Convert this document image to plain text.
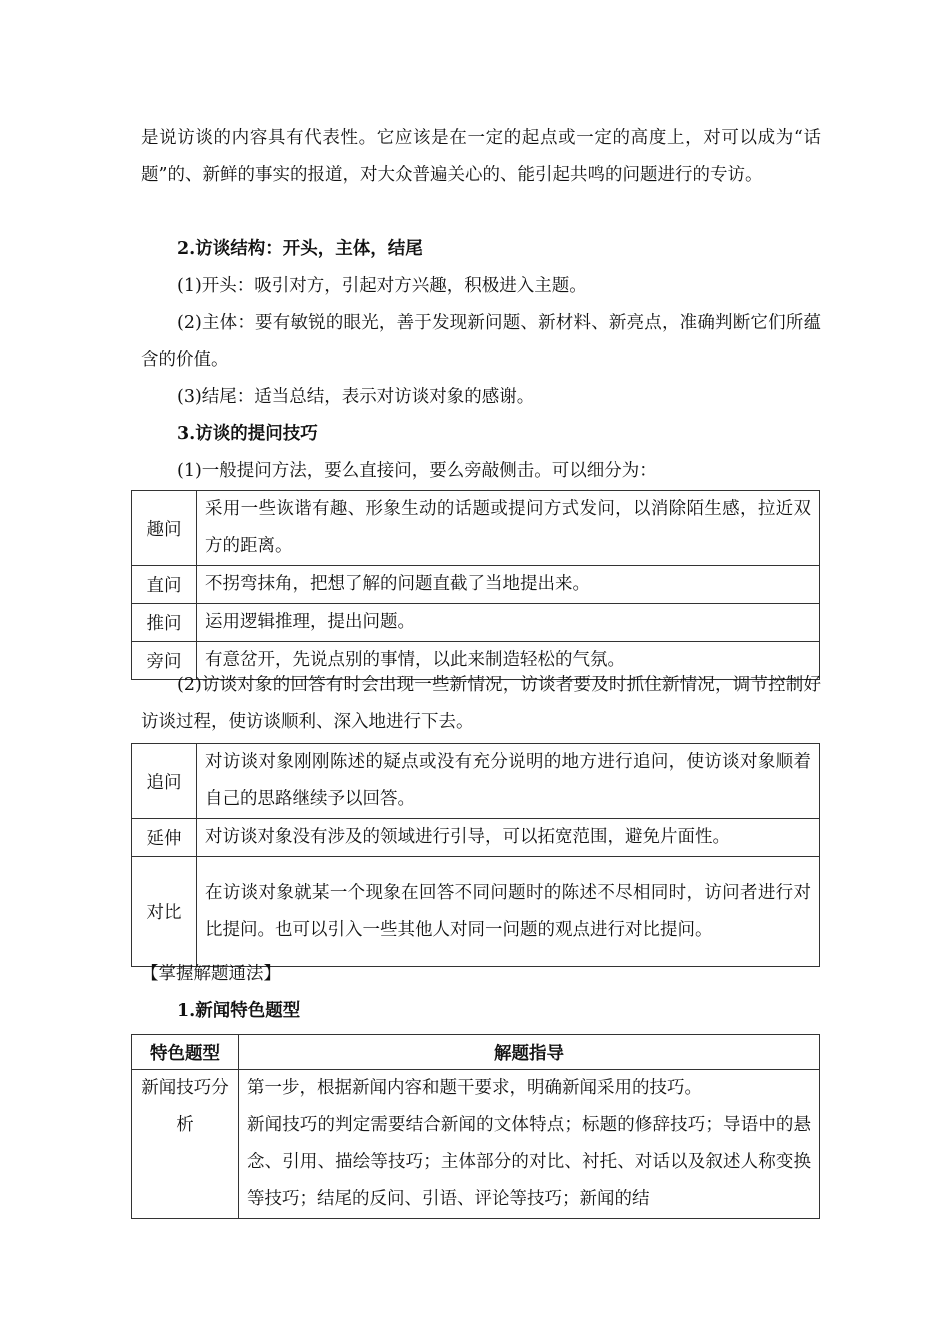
是说访谈的内容具有代表性。它应该是在一定的起点或一定的高度上，对可以成为“话题”的、新鲜的事实的报道，对大众普遍关心的、能引起共鸣的问题进行的专访。

2.访谈结构：开头，主体，结尾

(1)开头：吸引对方，引起对方兴趣，积极进入主题。

(2)主体：要有敏锐的眼光，善于发现新问题、新材料、新亮点，准确判断它们所蕴含的价值。

(3)结尾：适当总结，表示对访谈对象的感谢。

3.访谈的提问技巧

(1)一般提问方法，要么直接问，要么旁敲侧击。可以细分为：

趣问	采用一些诙谐有趣、形象生动的话题或提问方式发问，以消除陌生感，拉近双方的距离。
直问	不拐弯抹角，把想了解的问题直截了当地提出来。
推问	运用逻辑推理，提出问题。
旁问	有意岔开，先说点别的事情，以此来制造轻松的气氛。

(2)访谈对象的回答有时会出现一些新情况，访谈者要及时抓住新情况，调节控制好访谈过程，使访谈顺利、深入地进行下去。

追问	对访谈对象刚刚陈述的疑点或没有充分说明的地方进行追问，使访谈对象顺着自己的思路继续予以回答。
延伸	对访谈对象没有涉及的领域进行引导，可以拓宽范围，避免片面性。
对比	在访谈对象就某一个现象在回答不同问题时的陈述不尽相同时，访问者进行对比提问。也可以引入一些其他人对同一问题的观点进行对比提问。

【掌握解题通法】

1.新闻特色题型

特色题型	解题指导
新闻技巧分析	第一步，根据新闻内容和题干要求，明确新闻采用的技巧。
新闻技巧的判定需要结合新闻的文体特点；标题的修辞技巧；导语中的悬念、引用、描绘等技巧；主体部分的对比、衬托、对话以及叙述人称变换等技巧；结尾的反问、引语、评论等技巧；新闻的结
